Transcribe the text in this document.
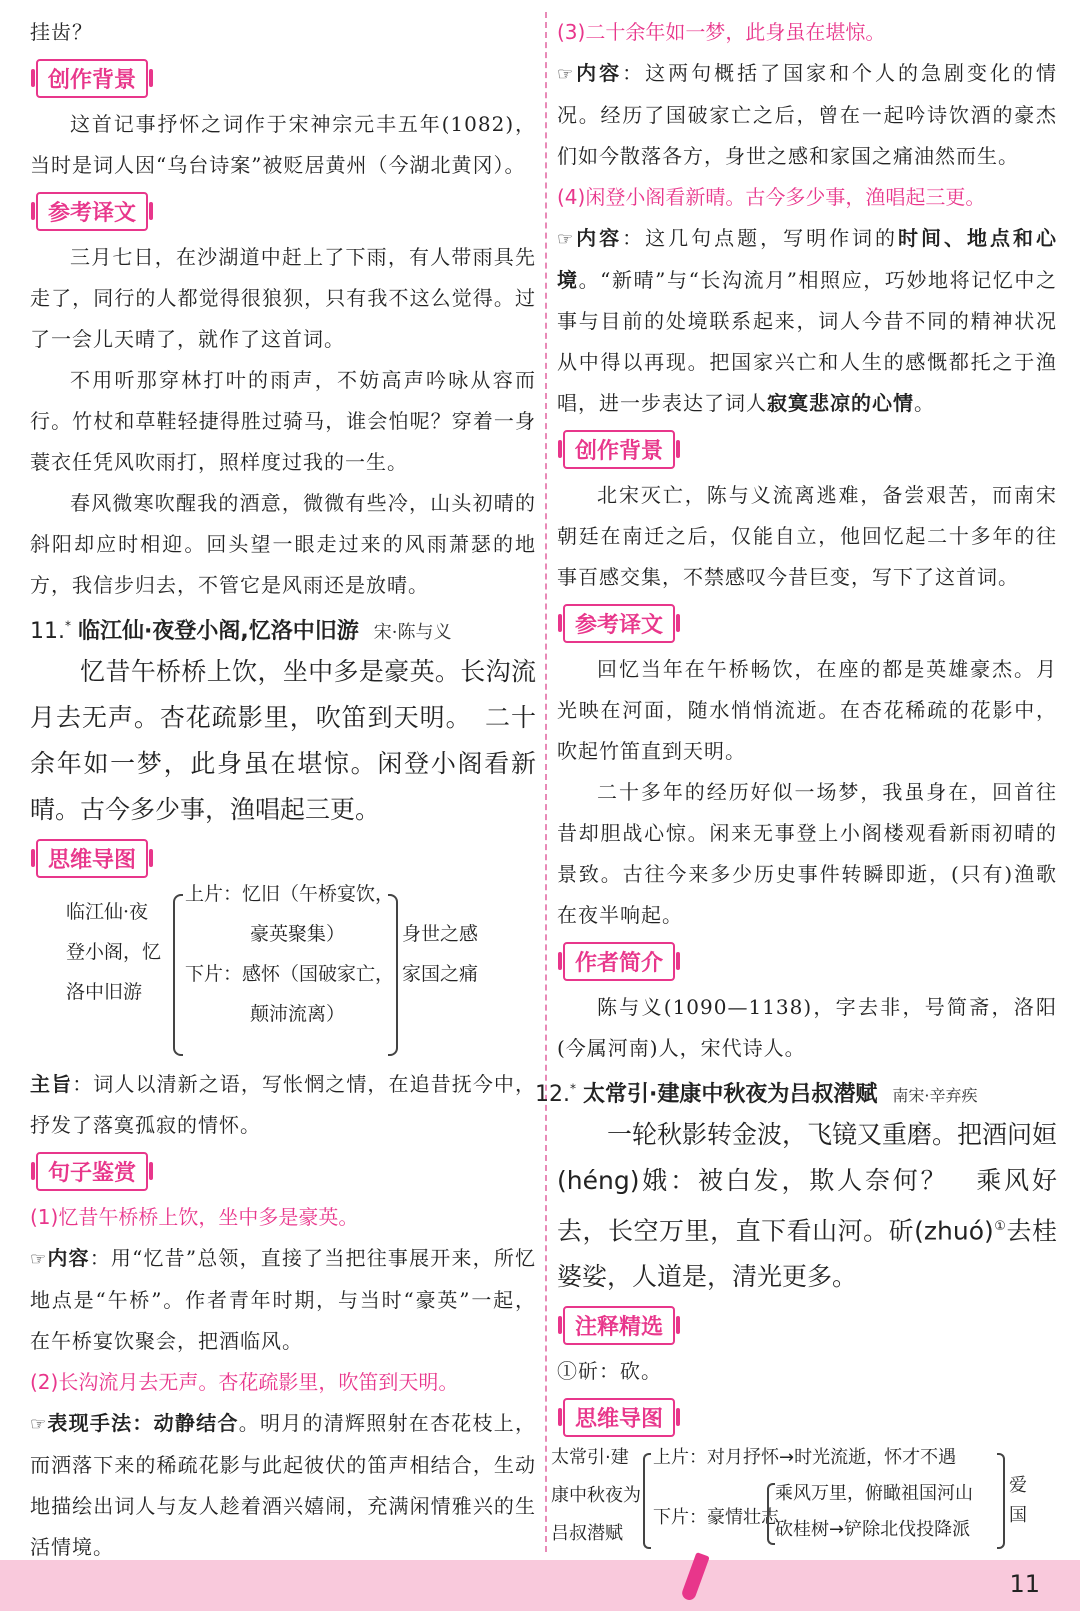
挂齿？

创作背景

这首记事抒怀之词作于宋神宗元丰五年(1082)，当时是词人因“乌台诗案”被贬居黄州（今湖北黄冈）。

参考译文

三月七日，在沙湖道中赶上了下雨，有人带雨具先走了，同行的人都觉得很狼狈，只有我不这么觉得。过了一会儿天晴了，就作了这首词。

不用听那穿林打叶的雨声，不妨高声吟咏从容而行。竹杖和草鞋轻捷得胜过骑马，谁会怕呢？穿着一身蓑衣任凭风吹雨打，照样度过我的一生。

春风微寒吹醒我的酒意，微微有些冷，山头初晴的斜阳却应时相迎。回头望一眼走过来的风雨萧瑟的地方，我信步归去，不管它是风雨还是放晴。

11.* 临江仙·夜登小阁,忆洛中旧游 宋·陈与义

忆昔午桥桥上饮，坐中多是豪英。长沟流月去无声。杏花疏影里，吹笛到天明。　二十余年如一梦，此身虽在堪惊。闲登小阁看新晴。古今多少事，渔唱起三更。

思维导图
临江仙·夜
登小阁，忆
洛中旧游
上片：忆旧（午桥宴饮，
豪英聚集）
下片：感怀（国破家亡，
颠沛流离）
身世之感
家国之痛

主旨：词人以清新之语，写怅惘之情，在追昔抚今中，抒发了落寞孤寂的情怀。

句子鉴赏

(1)忆昔午桥桥上饮，坐中多是豪英。

☞内容：用“忆昔”总领，直接了当把往事展开来，所忆地点是“午桥”。作者青年时期，与当时“豪英”一起，在午桥宴饮聚会，把酒临风。

(2)长沟流月去无声。杏花疏影里，吹笛到天明。

☞表现手法：动静结合。明月的清辉照射在杏花枝上，而洒落下来的稀疏花影与此起彼伏的笛声相结合，生动地描绘出词人与友人趁着酒兴嬉闹，充满闲情雅兴的生活情境。

(3)二十余年如一梦，此身虽在堪惊。

☞内容：这两句概括了国家和个人的急剧变化的情况。经历了国破家亡之后，曾在一起吟诗饮酒的豪杰们如今散落各方，身世之感和家国之痛油然而生。

(4)闲登小阁看新晴。古今多少事，渔唱起三更。

☞内容：这几句点题，写明作词的时间、地点和心境。“新晴”与“长沟流月”相照应，巧妙地将记忆中之事与目前的处境联系起来，词人今昔不同的精神状况从中得以再现。把国家兴亡和人生的感慨都托之于渔唱，进一步表达了词人寂寞悲凉的心情。

创作背景

北宋灭亡，陈与义流离逃难，备尝艰苦，而南宋朝廷在南迁之后，仅能自立，他回忆起二十多年的往事百感交集，不禁感叹今昔巨变，写下了这首词。

参考译文

回忆当年在午桥畅饮，在座的都是英雄豪杰。月光映在河面，随水悄悄流逝。在杏花稀疏的花影中，吹起竹笛直到天明。

二十多年的经历好似一场梦，我虽身在，回首往昔却胆战心惊。闲来无事登上小阁楼观看新雨初晴的景致。古往今来多少历史事件转瞬即逝，(只有)渔歌在夜半响起。

作者简介

陈与义(1090—1138)，字去非，号简斋，洛阳(今属河南)人，宋代诗人。

12.* 太常引·建康中秋夜为吕叔潜赋 南宋·辛弃疾

一轮秋影转金波，飞镜又重磨。把酒问姮(héng)娥：被白发，欺人奈何？　乘风好去，长空万里，直下看山河。斫(zhuó)①去桂婆娑，人道是，清光更多。

注释精选

①斫：砍。

思维导图
太常引·建
康中秋夜为
吕叔潜赋
上片：对月抒怀→时光流逝，怀才不遇
下片：豪情壮志
乘风万里，俯瞰祖国河山
砍桂树→铲除北伐投降派
爱
国
11
